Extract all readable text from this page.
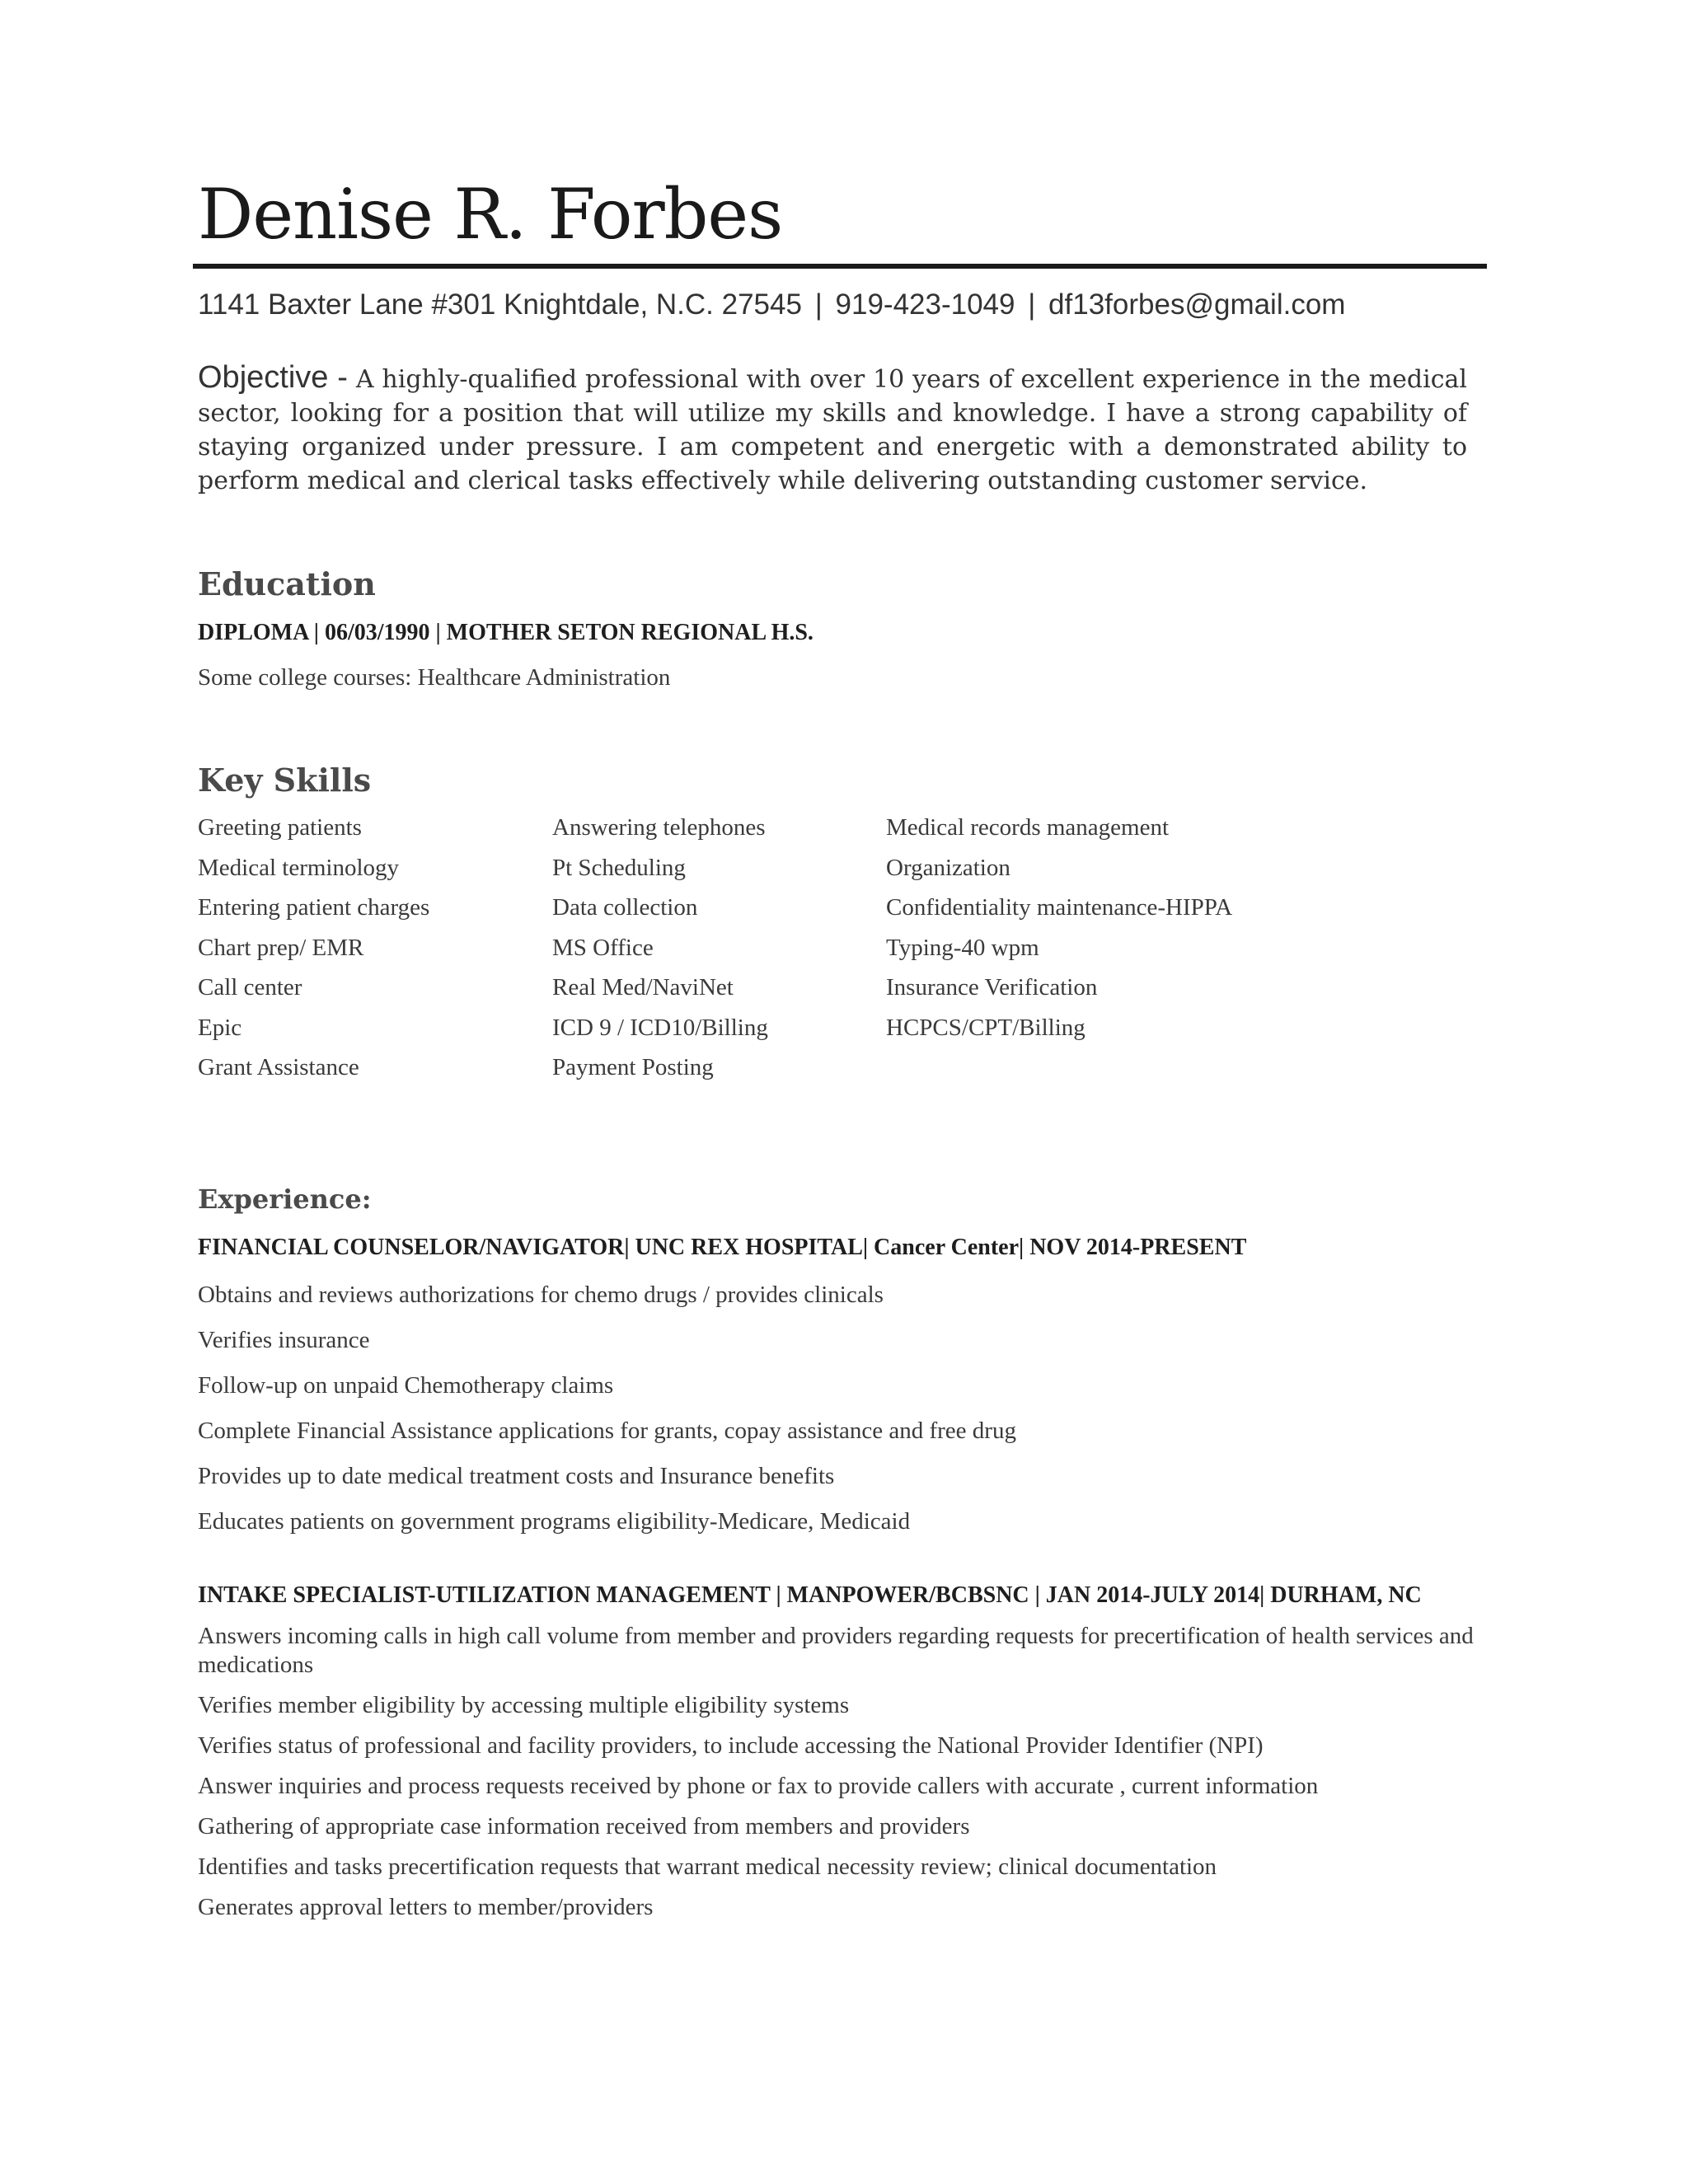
Denise R. Forbes
1141 Baxter Lane #301 Knightdale, N.C. 27545 | 919-423-1049 | df13forbes@gmail.com
Objective - A highly-qualified professional with over 10 years of excellent experience in the medical sector, looking for a position that will utilize my skills and knowledge. I have a strong capability of staying organized under pressure. I am competent and energetic with a demonstrated ability to perform medical and clerical tasks effectively while delivering outstanding customer service.
Education
DIPLOMA | 06/03/1990 | MOTHER SETON REGIONAL H.S.
Some college courses: Healthcare Administration
Key Skills
Greeting patients	Answering telephones	Medical records management
Medical terminology	Pt Scheduling	Organization
Entering patient charges	Data collection	Confidentiality maintenance-HIPPA
Chart prep/ EMR	MS Office	Typing-40 wpm
Call center	Real Med/NaviNet	Insurance Verification
Epic	ICD 9 / ICD10/Billing	HCPCS/CPT/Billing
Grant Assistance	Payment Posting
Experience:
FINANCIAL COUNSELOR/NAVIGATOR| UNC REX HOSPITAL| Cancer Center| NOV 2014-PRESENT
Obtains and reviews authorizations for chemo drugs / provides clinicals
Verifies insurance
Follow-up on unpaid Chemotherapy claims
Complete Financial Assistance applications for grants, copay assistance and free drug
Provides up to date medical treatment costs and Insurance benefits
Educates patients on government programs eligibility-Medicare, Medicaid
INTAKE SPECIALIST-UTILIZATION MANAGEMENT | MANPOWER/BCBSNC | JAN 2014-JULY 2014| DURHAM, NC
Answers incoming calls in high call volume from member and providers regarding requests for precertification of health services and medications
Verifies member eligibility by accessing multiple eligibility systems
Verifies status of professional and facility providers, to include accessing the National Provider Identifier (NPI)
Answer inquiries and process requests received by phone or fax to provide callers with accurate , current information
Gathering of appropriate case information received from members and providers
Identifies and tasks precertification requests that warrant medical necessity review; clinical documentation
Generates approval letters to member/providers
